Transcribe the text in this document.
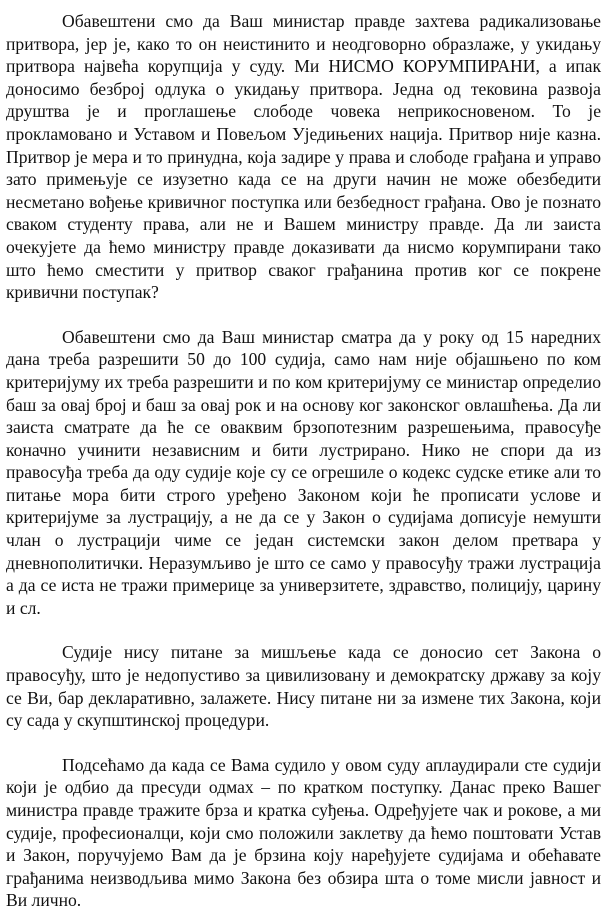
Обавештени смо да Ваш министар правде захтева радикализовање притвора, јер је, како то он неистинито и неодговорно образлаже, у укидању притвора највећа корупција у суду. Ми НИСМО КОРУМПИРАНИ, а ипак доносимо безброј одлука о укидању притвора. Једна од тековина развоја друштва је и проглашење слободе човека неприкосновеном. То је прокламовано и Уставом и Повељом Уједињених нација. Притвор није казна. Притвор је мера и то принудна, која задире у права и слободе грађана и управо зато примењује се изузетно када се на други начин не може обезбедити несметано вођење кривичног поступка или безбедност грађана. Ово је познато сваком студенту права, али не и Вашем министру правде. Да ли заиста очекујете да ћемо министру правде доказивати да нисмо корумпирани тако што ћемо сместити у притвор сваког грађанина против ког се покрене кривични поступак?

Обавештени смо да Ваш министар сматра да у року од 15 наредних дана треба разрешити 50 до 100 судија, само нам није објашњено по ком критеријуму их треба разрешити и по ком критеријуму се министар определио баш за овај број и баш за овај рок и на основу ког законског овлашћења. Да ли заиста сматрате да ће се оваквим брзопотезним разрешењима, правосуђе коначно учинити независним и бити лустрирано. Нико не спори да из правосуђа треба да оду судије које су се огрешиле о кодекс судске етике али то питање мора бити строго уређено Законом који ће прописати услове и критеријуме за лустрацију, а не да се у Закон о судијама дописује немушти члан о лустрацији чиме се један системски закон делом претвара у дневнополитички. Неразумљиво је што се само у правосуђу тражи лустрација а да се иста не тражи примерице за универзитете, здравство, полицију, царину и сл.

Судије нису питане за мишљење када се доносио сет Закона о правосуђу, што је недопустиво за цивилизовану и демократску државу за коју се Ви, бар декларативно, залажете. Нису питане ни за измене тих Закона, који су сада у скупштинској процедури.

Подсећамо да када се Вама судило у овом суду аплаудирали сте судији који је одбио да пресуди одмах – по кратком поступку. Данас преко Вашег министра правде тражите брза и кратка суђења. Одређујете чак и рокове, а ми судије, професионалци, који смо положили заклетву да ћемо поштовати Устав и Закон, поручујемо Вам да је брзина коју наређујете судијама и обећавате грађанима неизводљива мимо Закона без обзира шта о томе мисли јавност и Ви лично.
